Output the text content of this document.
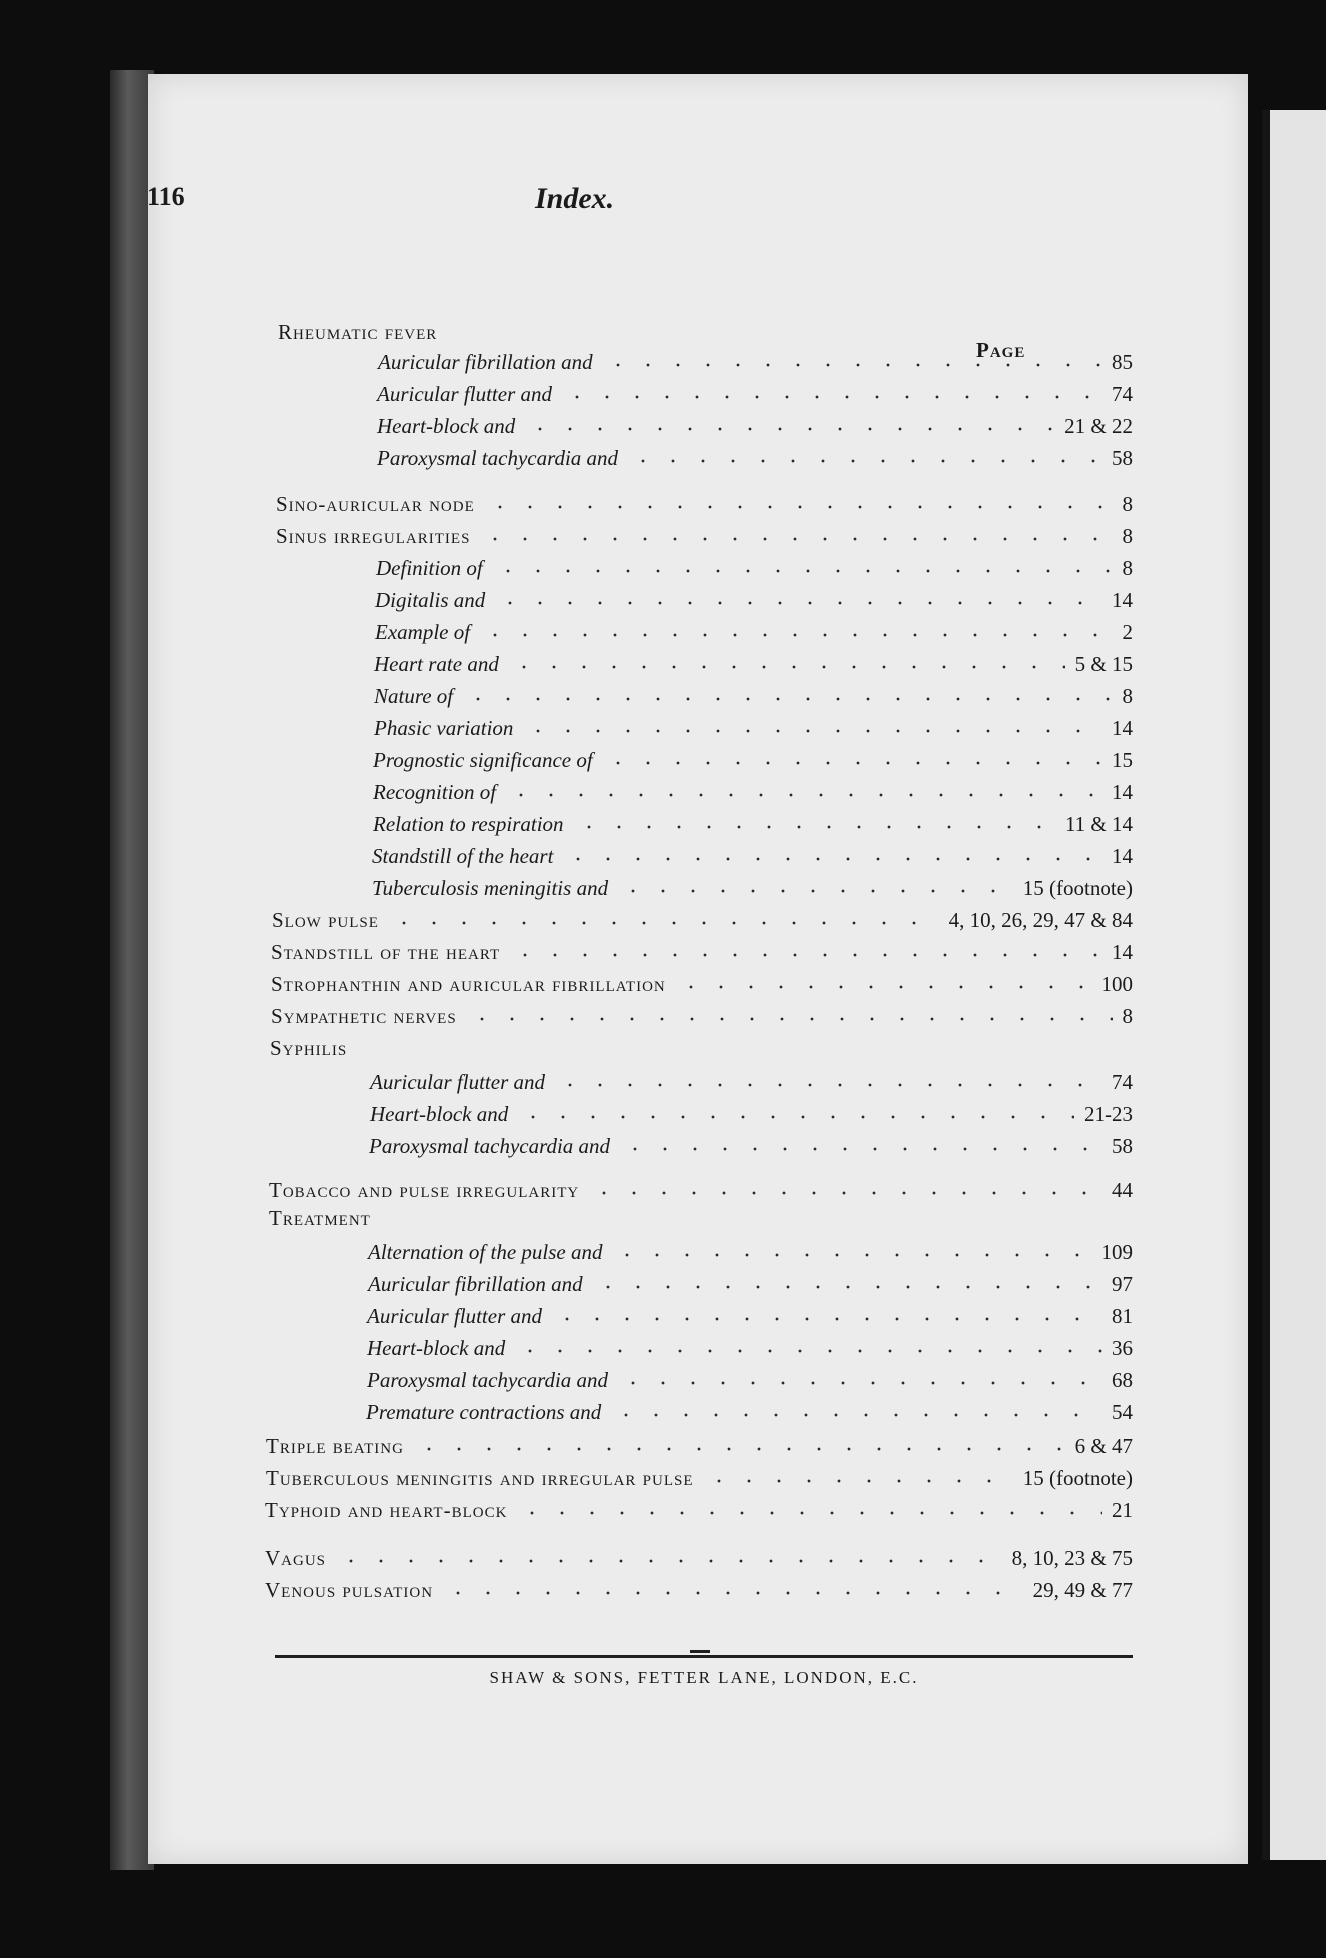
116	Index.
Page
Rheumatic fever
Auricular fibrillation and	85
Auricular flutter and	74
Heart-block and	21 & 22
Paroxysmal tachycardia and	58
Sino-auricular node	8
Sinus irregularities	8
Definition of	8
Digitalis and	14
Example of	2
Heart rate and	5 & 15
Nature of	8
Phasic variation	14
Prognostic significance of	15
Recognition of	14
Relation to respiration	11 & 14
Standstill of the heart	14
Tuberculosis meningitis and	15 (footnote)
Slow pulse	4, 10, 26, 29, 47 & 84
Standstill of the heart	14
Strophanthin and auricular fibrillation	100
Sympathetic nerves	8
Syphilis
Auricular flutter and	74
Heart-block and	21-23
Paroxysmal tachycardia and	58
Tobacco and pulse irregularity	44
Treatment
Alternation of the pulse and	109
Auricular fibrillation and	97
Auricular flutter and	81
Heart-block and	36
Paroxysmal tachycardia and	68
Premature contractions and	54
Triple beating	6 & 47
Tuberculous meningitis and irregular pulse	15 (footnote)
Typhoid and heart-block	21
Vagus	8, 10, 23 & 75
Venous pulsation	29, 49 & 77
SHAW & SONS, FETTER LANE, LONDON, E.C.
